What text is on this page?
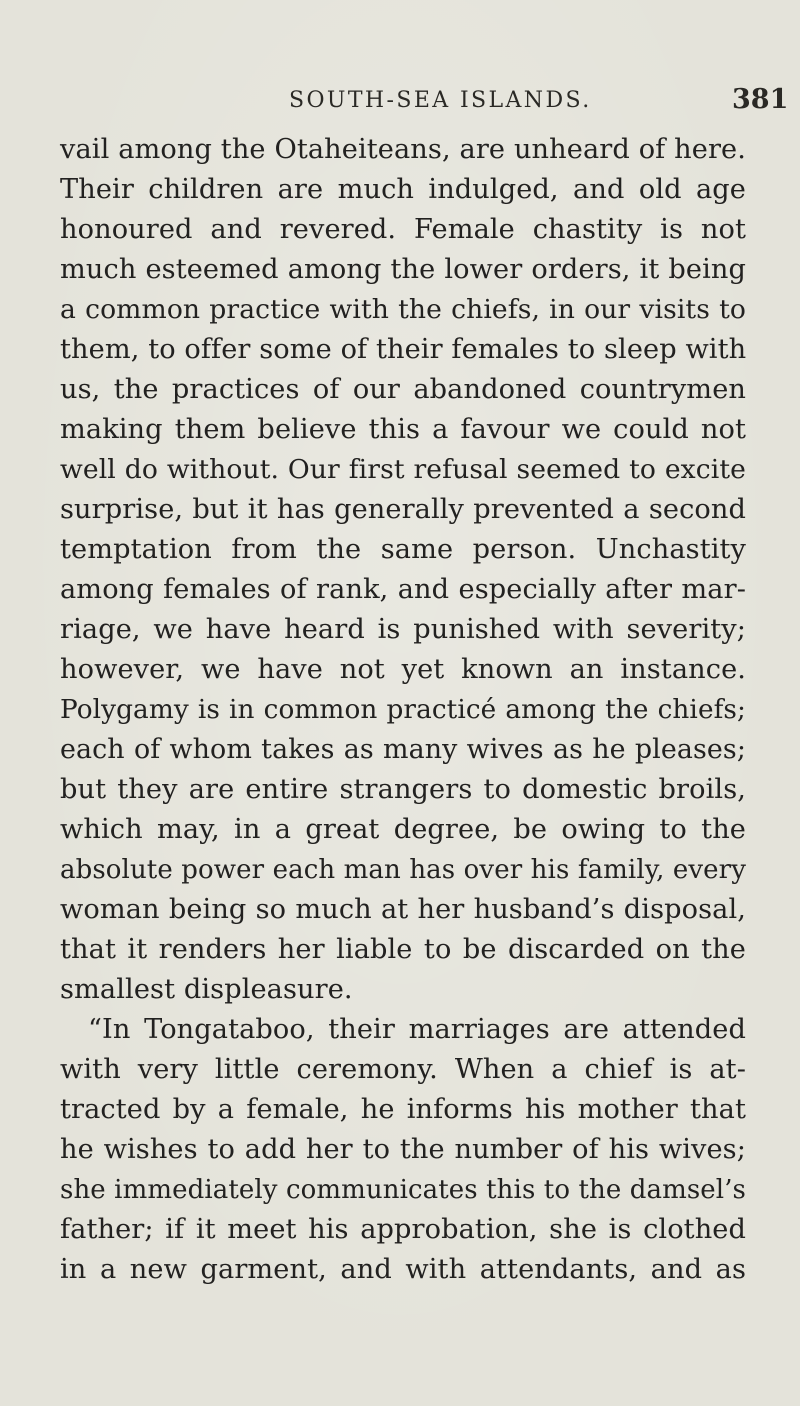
SOUTH-SEA ISLANDS.	381
vail among the Otaheiteans, are unheard of here.
Their children are much indulged, and old age
honoured and revered. Female chastity is not
much esteemed among the lower orders, it being
a common practice with the chiefs, in our visits to
them, to offer some of their females to sleep with
us, the practices of our abandoned countrymen
making them believe this a favour we could not
well do without. Our first refusal seemed to excite
surprise, but it has generally prevented a second
temptation from the same person. Unchastity
among females of rank, and especially after mar-
riage, we have heard is punished with severity;
however, we have not yet known an instance.
Polygamy is in common practicé among the chiefs;
each of whom takes as many wives as he pleases;
but they are entire strangers to domestic broils,
which may, in a great degree, be owing to the
absolute power each man has over his family, every
woman being so much at her husband’s disposal,
that it renders her liable to be discarded on the
smallest displeasure.
“In Tongataboo, their marriages are attended
with very little ceremony. When a chief is at-
tracted by a female, he informs his mother that
he wishes to add her to the number of his wives;
she immediately communicates this to the damsel’s
father; if it meet his approbation, she is clothed
in a new garment, and with attendants, and as
